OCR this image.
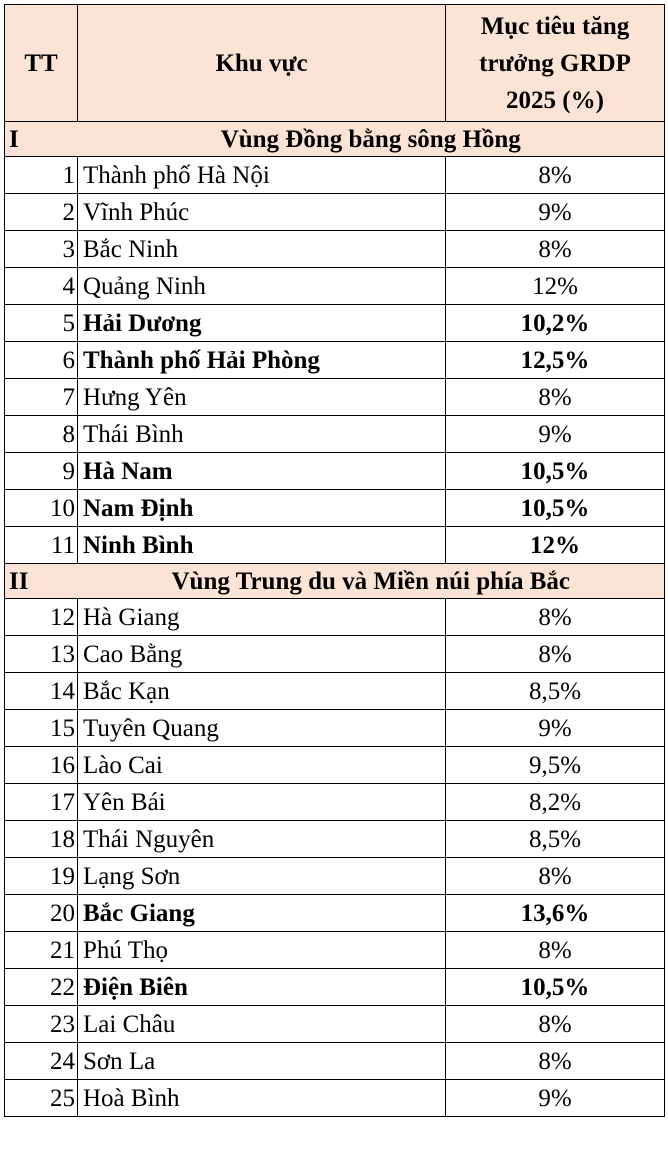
TT	Khu vực	Mục tiêu tăng trưởng GRDP 2025 (%)
I	Vùng Đồng bằng sông Hồng	
1	Thành phố Hà Nội	8%
2	Vĩnh Phúc	9%
3	Bắc Ninh	8%
4	Quảng Ninh	12%
5	Hải Dương	10,2%
6	Thành phố Hải Phòng	12,5%
7	Hưng Yên	8%
8	Thái Bình	9%
9	Hà Nam	10,5%
10	Nam Định	10,5%
11	Ninh Bình	12%
II	Vùng Trung du và Miền núi phía Bắc	
12	Hà Giang	8%
13	Cao Bằng	8%
14	Bắc Kạn	8,5%
15	Tuyên Quang	9%
16	Lào Cai	9,5%
17	Yên Bái	8,2%
18	Thái Nguyên	8,5%
19	Lạng Sơn	8%
20	Bắc Giang	13,6%
21	Phú Thọ	8%
22	Điện Biên	10,5%
23	Lai Châu	8%
24	Sơn La	8%
25	Hoà Bình	9%
